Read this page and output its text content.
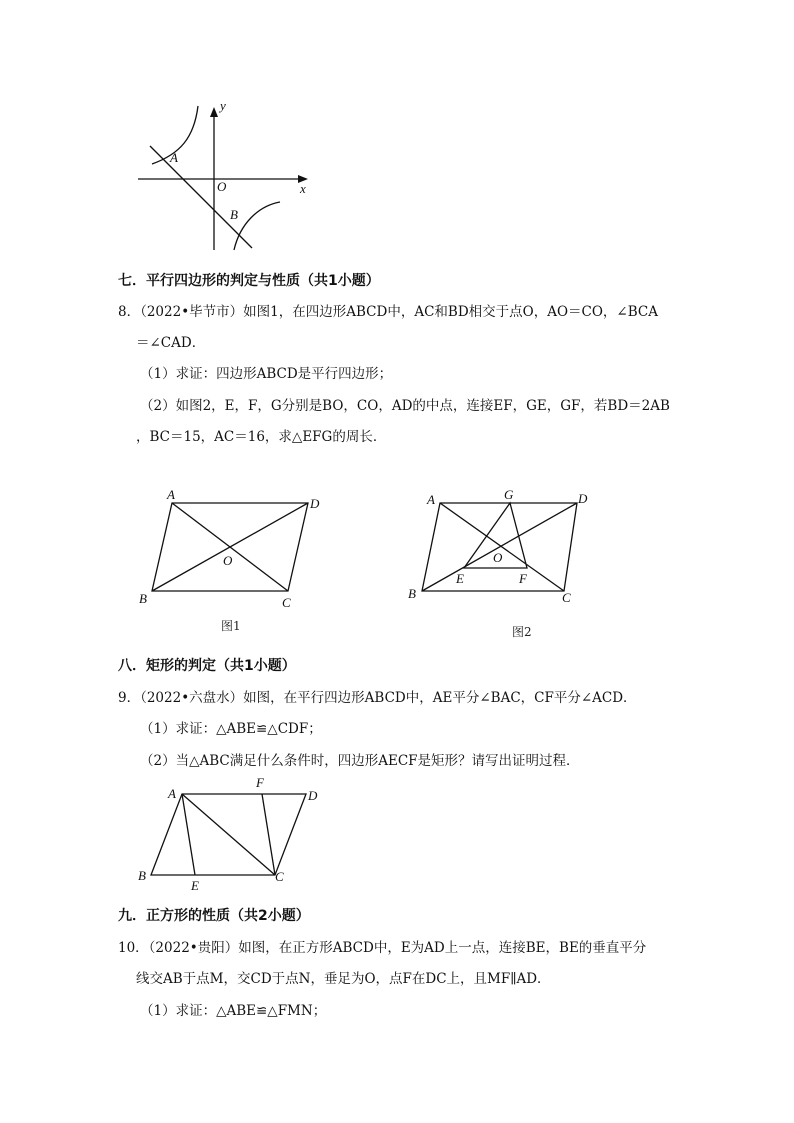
y
x
O
A
B
七．平行四边形的判定与性质（共1小题）
8．（2022•毕节市）如图1，在四边形ABCD中，AC和BD相交于点O，AO＝CO，∠BCA
＝∠CAD．
（1）求证：四边形ABCD是平行四边形；
（2）如图2，E，F，G分别是BO，CO，AD的中点，连接EF，GE，GF，若BD＝2AB
，BC＝15，AC＝16，求△EFG的周长．
A
D
O
B	C
图1
A	G	D
O
E	F
B	C
图2
八．矩形的判定（共1小题）
9．（2022•六盘水）如图，在平行四边形ABCD中，AE平分∠BAC，CF平分∠ACD．
（1）求证：△ABE≌△CDF；
（2）当△ABC满足什么条件时，四边形AECF是矩形？请写出证明过程．
A
F
D
B
E
C
九．正方形的性质（共2小题）
10．（2022•贵阳）如图，在正方形ABCD中，E为AD上一点，连接BE，BE的垂直平分
线交AB于点M，交CD于点N，垂足为O，点F在DC上，且MF∥AD．
（1）求证：△ABE≌△FMN；
